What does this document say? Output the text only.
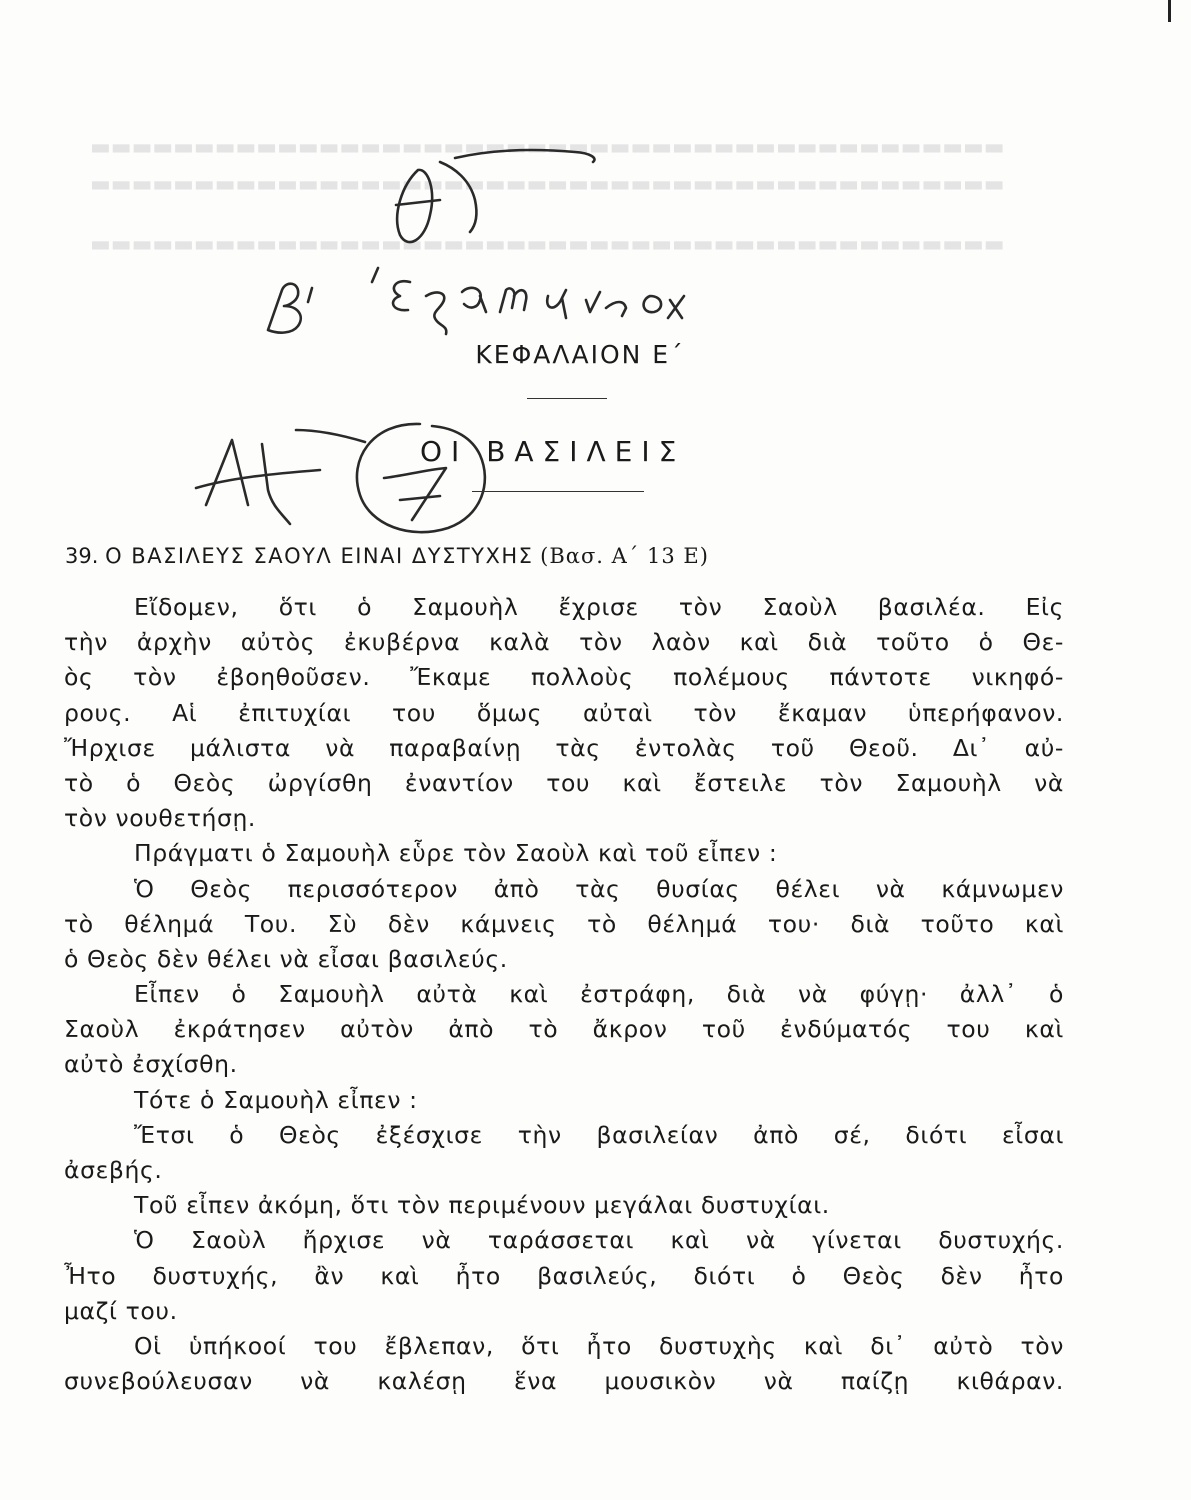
▬▬▬▬▬▬▬▬▬▬▬▬▬▬▬▬▬▬▬▬▬▬▬▬▬▬▬▬▬▬▬▬▬▬▬▬▬▬▬▬▬▬▬▬
▬▬▬▬▬▬▬▬▬▬▬▬▬▬▬▬▬▬▬▬▬▬▬▬▬▬▬▬▬▬▬▬▬▬▬▬▬▬▬▬▬▬▬▬
▬▬▬▬▬▬▬▬▬▬▬▬▬▬▬▬▬▬▬▬▬▬▬▬▬▬▬▬▬▬▬▬▬▬▬▬▬▬▬▬▬▬▬▬
ΚΕΦΑΛΑΙΟΝ Ε΄
ΟΙ ΒΑΣΙΛΕΙΣ
39. Ο ΒΑΣΙΛΕΥΣ ΣΑΟΥΛ ΕΙΝΑΙ ΔΥΣΤΥΧΗΣ (Βασ. Α΄ 13 Ε)
Εἴδομεν, ὅτι ὁ Σαμουὴλ ἔχρισε τὸν Σαοὺλ βασιλέα. Εἰς
τὴν ἀρχὴν αὐτὸς ἐκυβέρνα καλὰ τὸν λαὸν καὶ διὰ τοῦτο ὁ Θε-
ὸς τὸν ἐβοηθοῦσεν. Ἔκαμε πολλοὺς πολέμους πάντοτε νικηφό-
ρους. Αἱ ἐπιτυχίαι του ὅμως αὐταὶ τὸν ἔκαμαν ὑπερήφανον.
Ἤρχισε μάλιστα νὰ παραβαίνῃ τὰς ἐντολὰς τοῦ Θεοῦ. Δι᾿ αὐ-
τὸ ὁ Θεὸς ὠργίσθη ἐναντίον του καὶ ἔστειλε τὸν Σαμουὴλ νὰ
τὸν νουθετήσῃ.
Πράγματι ὁ Σαμουὴλ εὗρε τὸν Σαοὺλ καὶ τοῦ εἶπεν :
Ὁ Θεὸς περισσότερον ἀπὸ τὰς θυσίας θέλει νὰ κάμνωμεν
τὸ θέλημά Του. Σὺ δὲν κάμνεις τὸ θέλημά του· διὰ τοῦτο καὶ
ὁ Θεὸς δὲν θέλει νὰ εἶσαι βασιλεύς.
Εἶπεν ὁ Σαμουὴλ αὐτὰ καὶ ἐστράφη, διὰ νὰ φύγῃ· ἀλλ᾿ ὁ
Σαοὺλ ἐκράτησεν αὐτὸν ἀπὸ τὸ ἄκρον τοῦ ἐνδύματός του καὶ
αὐτὸ ἐσχίσθη.
Τότε ὁ Σαμουὴλ εἶπεν :
Ἔτσι ὁ Θεὸς ἐξέσχισε τὴν βασιλείαν ἀπὸ σέ, διότι εἶσαι
ἀσεβής.
Τοῦ εἶπεν ἀκόμη, ὅτι τὸν περιμένουν μεγάλαι δυστυχίαι.
Ὁ Σαοὺλ ἤρχισε νὰ ταράσσεται καὶ νὰ γίνεται δυστυχής.
Ἦτο δυστυχής, ἂν καὶ ἦτο βασιλεύς, διότι ὁ Θεὸς δὲν ἦτο
μαζί του.
Οἱ ὑπήκοοί του ἔβλεπαν, ὅτι ἦτο δυστυχὴς καὶ δι᾿ αὐτὸ τὸν
συνεβούλευσαν νὰ καλέσῃ ἕνα μουσικὸν νὰ παίζῃ κιθάραν.
